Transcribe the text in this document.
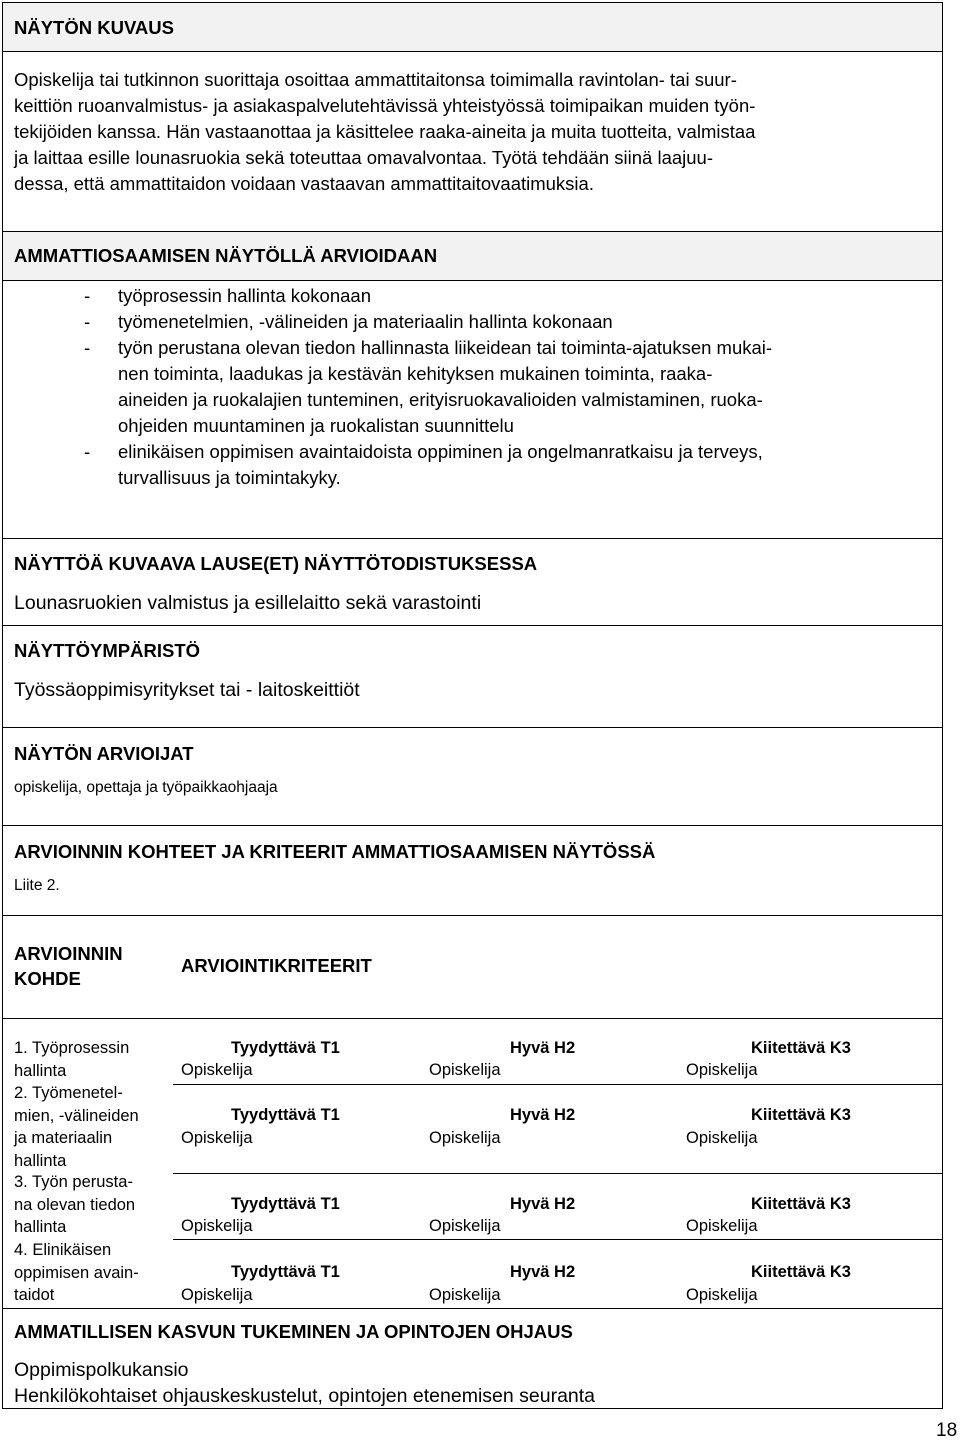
NÄYTÖN KUVAUS
Opiskelija tai tutkinnon suorittaja osoittaa ammattitaitonsa toimimalla ravintolan- tai suur-
keittiön ruoanvalmistus- ja asiakaspalvelutehtävissä yhteistyössä toimipaikan muiden työn-
tekijöiden kanssa. Hän vastaanottaa ja käsittelee raaka-aineita ja muita tuotteita, valmistaa
ja laittaa esille lounasruokia sekä toteuttaa omavalvontaa. Työtä tehdään siinä laajuu-
dessa, että ammattitaidon voidaan vastaavan ammattitaitovaatimuksia.
AMMATTIOSAAMISEN NÄYTÖLLÄ ARVIOIDAAN
- työprosessin hallinta kokonaan
- työmenetelmien, -välineiden ja materiaalin hallinta kokonaan
- työn perustana olevan tiedon hallinnasta liikeidean tai toiminta-ajatuksen mukai-
nen toiminta, laadukas ja kestävän kehityksen mukainen toiminta, raaka-
aineiden ja ruokalajien tunteminen, erityisruokavalioiden valmistaminen, ruoka-
ohjeiden muuntaminen ja ruokalistan suunnittelu
- elinikäisen oppimisen avaintaidoista oppiminen ja ongelmanratkaisu ja terveys,
turvallisuus ja toimintakyky.
NÄYTTÖÄ KUVAAVA LAUSE(ET) NÄYTTÖTODISTUKSESSA
Lounasruokien valmistus ja esillelaitto sekä varastointi
NÄYTTÖYMPÄRISTÖ
Työssäoppimisyritykset tai - laitoskeittiöt
NÄYTÖN ARVIOIJAT
opiskelija, opettaja ja työpaikkaohjaaja
ARVIOINNIN KOHTEET JA KRITEERIT AMMATTIOSAAMISEN NÄYTÖSSÄ
Liite 2.
ARVIOINNIN
KOHDE
ARVIOINTIKRITEERIT
1. Työprosessin
hallinta
Tyydyttävä T1	Hyvä H2	Kiitettävä K3
Opiskelija	Opiskelija	Opiskelija
2. Työmenetel-
mien, -välineiden
ja materiaalin
hallinta
Tyydyttävä T1	Hyvä H2	Kiitettävä K3
Opiskelija	Opiskelija	Opiskelija
3. Työn perusta-
na olevan tiedon
hallinta
Tyydyttävä T1	Hyvä H2	Kiitettävä K3
Opiskelija	Opiskelija	Opiskelija
4. Elinikäisen
oppimisen avain-
taidot
Tyydyttävä T1	Hyvä H2	Kiitettävä K3
Opiskelija	Opiskelija	Opiskelija
AMMATILLISEN KASVUN TUKEMINEN JA OPINTOJEN OHJAUS
Oppimispolkukansio
Henkilökohtaiset ohjauskeskustelut, opintojen etenemisen seuranta
18
